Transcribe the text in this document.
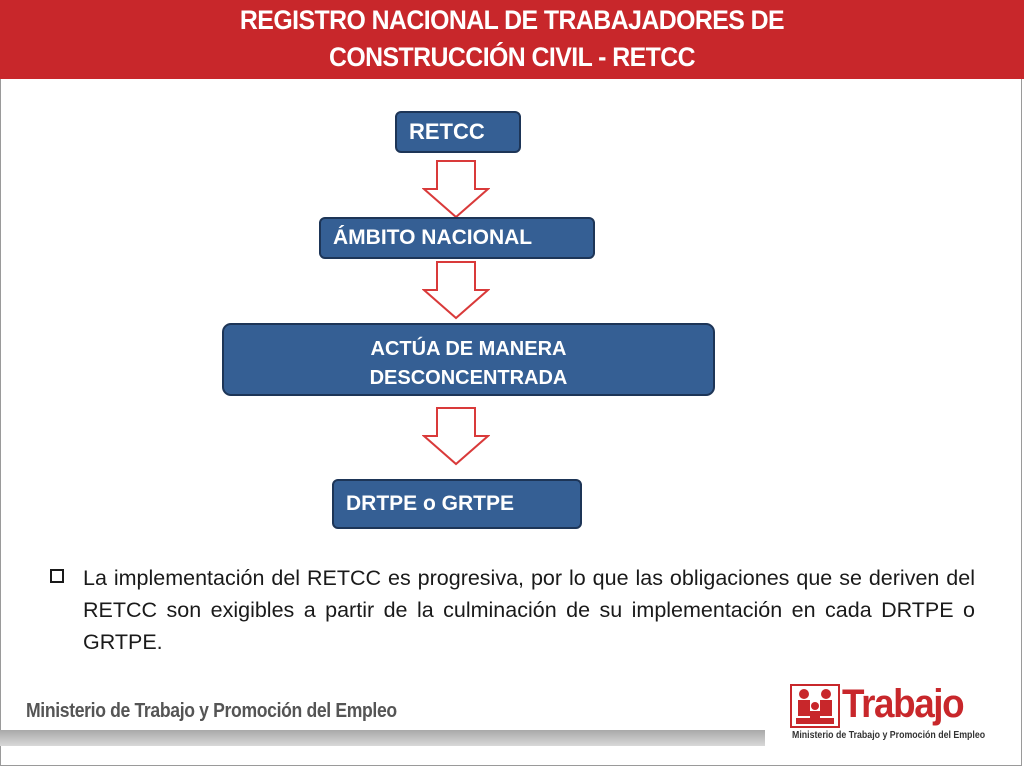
REGISTRO NACIONAL DE TRABAJADORES DE
CONSTRUCCIÓN CIVIL - RETCC
RETCC
ÁMBITO NACIONAL
ACTÚA DE MANERA
DESCONCENTRADA
DRTPE o GRTPE
La implementación del RETCC es progresiva, por lo que las obligaciones que se deriven del RETCC son exigibles a partir de la culminación de su implementación en cada DRTPE o GRTPE.
Ministerio de Trabajo y Promoción del Empleo	Trabajo
Ministerio de Trabajo y Promoción del Empleo
